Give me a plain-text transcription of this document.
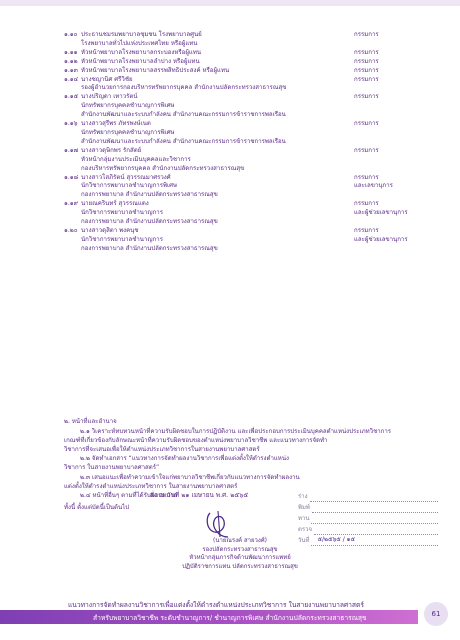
๑.๑๐ ประธานชมรมพยาบาลชุมชน โรงพยาบาลศูนย์	กรรมการ
โรงพยาบาลทั่วไปแห่งประเทศไทย หรือผู้แทน
๑.๑๑ หัวหน้าพยาบาลโรงพยาบาลกระบองหรือผู้แทน	กรรมการ
๑.๑๒ หัวหน้าพยาบาลโรงพยาบาลลำปาง หรือผู้แทน	กรรมการ
๑.๑๓ หัวหน้าพยาบาลโรงพยาบาลสรรพสิทธิประสงค์ หรือผู้แทน	กรรมการ
๑.๑๔ นางชญานิศ ศรีวิชัย	กรรมการ
รองผู้อำนวยการกองบริหารทรัพยากรบุคคล สำนักงานปลัดกระทรวงสาธารณสุข
๑.๑๕ นางปริญดา เทาวรัตน์	กรรมการ
นักทรัพยากรบุคคลชำนาญการพิเศษ
สำนักงานพัฒนาและระบบกำลังคน สำนักงานคณะกรรมการข้าราชการพลเรือน
๑.๑๖ นางสาวสุรีพร ภัทรพงษ์เนต	กรรมการ
นักทรัพยากรบุคคลชำนาญการพิเศษ
สำนักงานพัฒนาและระบบกำลังคน สำนักงานคณะกรรมการข้าราชการพลเรือน
๑.๑๗ นางสาวดุษิกพร รักสัตย์	กรรมการ
หัวหน้ากลุ่มงานประเมินบุคคลและวิชาการ
กองบริหารทรัพยากรบุคคล สำนักงานปลัดกระทรวงสาธารณสุข
๑.๑๘ นางสาวโสภิรัตน์ สุวรรณมาศรวงศ์	กรรมการ
นักวิชาการพยาบาลชำนาญการพิเศษ	และเลขานุการ
กองการพยาบาล สำนักงานปลัดกระทรวงสาธารณสุข
๑.๑๙ นายณครินทร์ สุวรรณแดง	กรรมการ
นักวิชาการพยาบาลชำนาญการ	และผู้ช่วยเลขานุการ
กองการพยาบาล สำนักงานปลัดกระทรวงสาธารณสุข
๑.๒๐ นางสาวดุสิตา พงคนุช	กรรมการ
นักวิชาการพยาบาลชำนาญการ	และผู้ช่วยเลขานุการ
กองการพยาบาล สำนักงานปลัดกระทรวงสาธารณสุข
๒. หน้าที่และอำนาจ
๒.๑ วิเคราะห์ทบทวนหน้าที่ความรับผิดชอบในการปฏิบัติงาน และเพื่อประกอบการประเมินบุคคลตำแหน่งประเภทวิชาการ
เกณฑ์ที่เกี่ยวข้องกับลักษณะหน้าที่ความรับผิดชอบของตำแหน่งพยาบาลวิชาชีพ และแนวทางการจัดทำ
วิชาการที่จะเสนอเพื่อให้ตำแหน่งประเภทวิชาการในสายงานพยาบาลศาสตร์
๒.๒ จัดทำเอกสาร “แนวทางการจัดทำผลงานวิชาการเพื่อแต่งตั้งให้ดำรงตำแหน่ง
วิชาการ ในสายงานพยาบาลศาสตร์”
๒.๓ เสนอแนะเพื่อทำความเข้าใจแก่พยาบาลวิชาชีพเกี่ยวกับแนวทางการจัดทำผลงาน
แต่งตั้งให้ดำรงตำแหน่งประเภทวิชาการ ในสายงานพยาบาลศาสตร์
๒.๔ หน้าที่อื่นๆ ตามที่ได้รับมอบหมาย
ทั้งนี้ ตั้งแต่บัดนี้เป็นต้นไป
สั่ง ณ วันที่ ๒๑ เมษายน พ.ศ. ๒๕๖๕
(นายณรงค์ สายวงศ์)
รองปลัดกระทรวงสาธารณสุข
หัวหน้ากลุ่มภารกิจด้านพัฒนาการแพทย์
ปฏิบัติราชการแทน ปลัดกระทรวงสาธารณสุข
ร่าง
พิมพ์
ทาน
ตรวจ
วันที่ ๕/๒๕๖๕ / ๑๕
แนวทางการจัดทำผลงานวิชาการเพื่อแต่งตั้งให้ดำรงตำแหน่งประเภทวิชาการ ในสายงานพยาบาลศาสตร์
สำหรับพยาบาลวิชาชีพ ระดับชำนาญการ/ ชำนาญการพิเศษ สำนักงานปลัดกระทรวงสาธารณสุข	61
